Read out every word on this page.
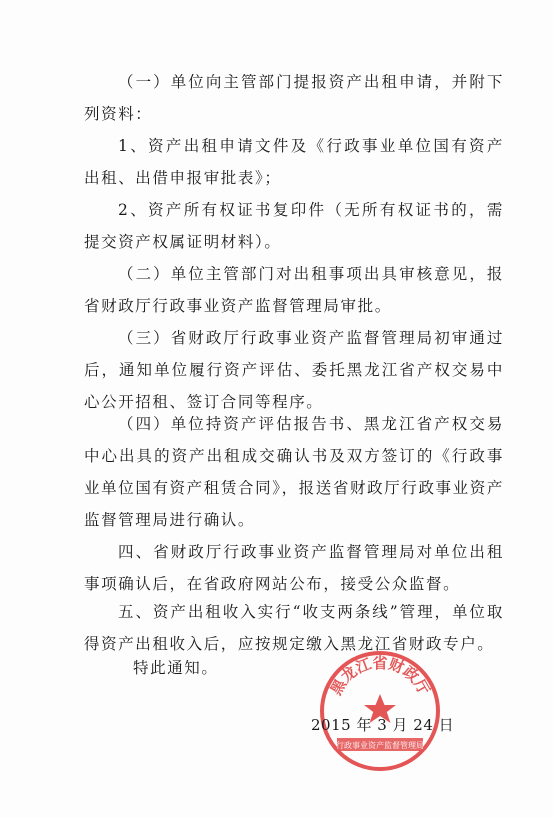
（一）单位向主管部门提报资产出租申请，并附下列资料：

1、资产出租申请文件及《行政事业单位国有资产出租、出借申报审批表》；

2、资产所有权证书复印件（无所有权证书的，需提交资产权属证明材料）。

（二）单位主管部门对出租事项出具审核意见，报省财政厅行政事业资产监督管理局审批。

（三）省财政厅行政事业资产监督管理局初审通过后，通知单位履行资产评估、委托黑龙江省产权交易中心公开招租、签订合同等程序。

（四）单位持资产评估报告书、黑龙江省产权交易中心出具的资产出租成交确认书及双方签订的《行政事业单位国有资产租赁合同》，报送省财政厅行政事业资产监督管理局进行确认。

四、省财政厅行政事业资产监督管理局对单位出租事项确认后，在省政府网站公布，接受公众监督。

五、资产出租收入实行“收支两条线”管理，单位取得资产出租收入后，应按规定缴入黑龙江省财政专户。

特此通知。

黑龙江省财政厅
行政事业资产监督管理局

2015 年 3 月 24 日
